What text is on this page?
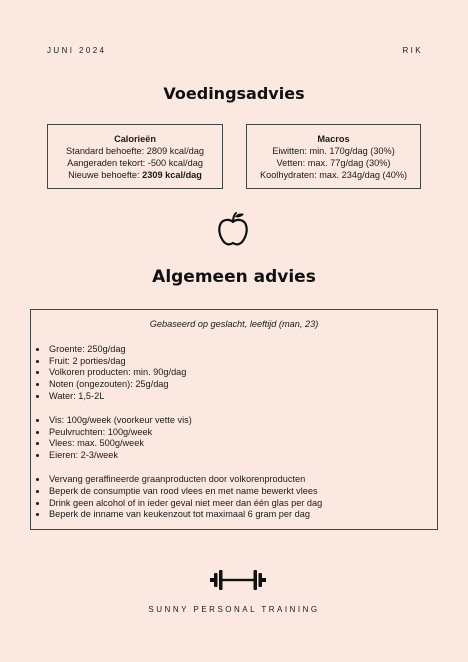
JUNI 2024	RIK
Voedingsadvies
Calorieën

Standard behoefte: 2809 kcal/dag

Aangeraden tekort: -500 kcal/dag

Nieuwe behoefte: 2309 kcal/dag

Macros

Eiwitten: min. 170g/dag (30%)

Vetten: max. 77g/dag (30%)

Koolhydraten: max. 234g/dag (40%)

Algemeen advies
Gebaseerd op geslacht, leeftijd (man, 23)
• Groente: 250g/dag
• Fruit: 2 porties/dag
• Volkoren producten: min. 90g/dag
• Noten (ongezouten): 25g/dag
• Water: 1,5-2L
• Vis: 100g/week (voorkeur vette vis)
• Peulvruchten: 100g/week
• Vlees: max. 500g/week
• Eieren: 2-3/week
• Vervang geraffineerde graanproducten door volkorenproducten
• Beperk de consumptie van rood vlees en met name bewerkt vlees
• Drink geen alcohol of in ieder geval niet meer dan één glas per dag
• Beperk de inname van keukenzout tot maximaal 6 gram per dag
SUNNY PERSONAL TRAINING
